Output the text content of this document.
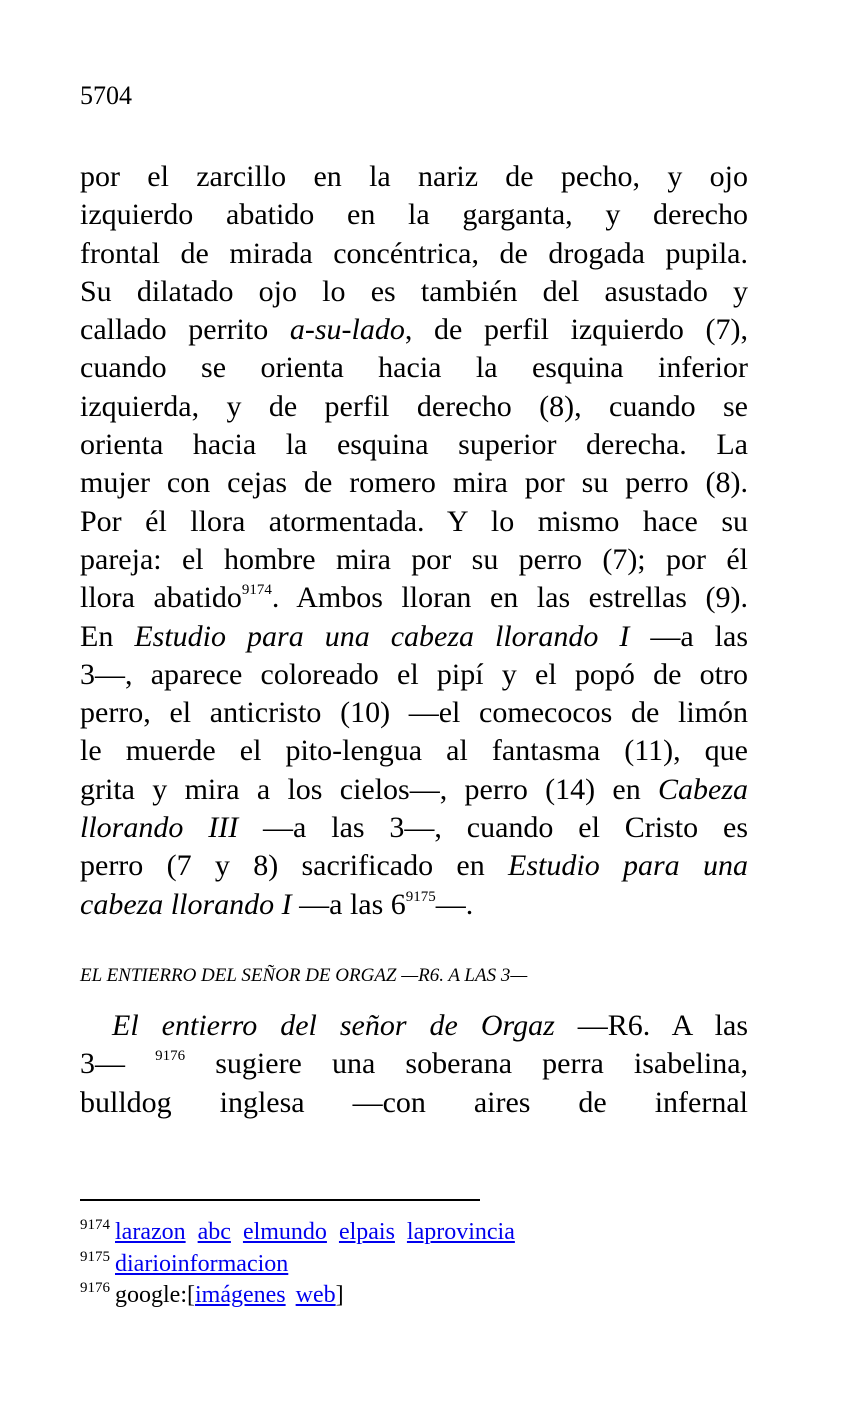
5704
por el zarcillo en la nariz de pecho, y ojo
izquierdo abatido en la garganta, y derecho
frontal de mirada concéntrica, de drogada pupila.
Su dilatado ojo lo es también del asustado y
callado perrito a-su-lado, de perfil izquierdo (7),
cuando se orienta hacia la esquina inferior
izquierda, y de perfil derecho (8), cuando se
orienta hacia la esquina superior derecha. La
mujer con cejas de romero mira por su perro (8).
Por él llora atormentada. Y lo mismo hace su
pareja: el hombre mira por su perro (7); por él
llora abatido$^{9174}$. Ambos lloran en las estrellas (9).
En Estudio para una cabeza llorando I —a las
3—, aparece coloreado el pipí y el popó de otro
perro, el anticristo (10) —el comecocos de limón
le muerde el pito-lengua al fantasma (11), que
grita y mira a los cielos—, perro (14) en Cabeza
llorando III —a las 3—, cuando el Cristo es
perro (7 y 8) sacrificado en Estudio para una
cabeza llorando I —a las 6$^{9175}$—.
EL ENTIERRO DEL SEÑOR DE ORGAZ —R6. A LAS 3—
El entierro del señor de Orgaz —R6. A las
3— $^{9176}$ sugiere una soberana perra isabelina,
bulldog inglesa —con aires de infernal
$^{9174}$ larazon abc elmundo elpais laprovincia
$^{9175}$ diarioinformacion
$^{9176}$ google:[imágenes web]
